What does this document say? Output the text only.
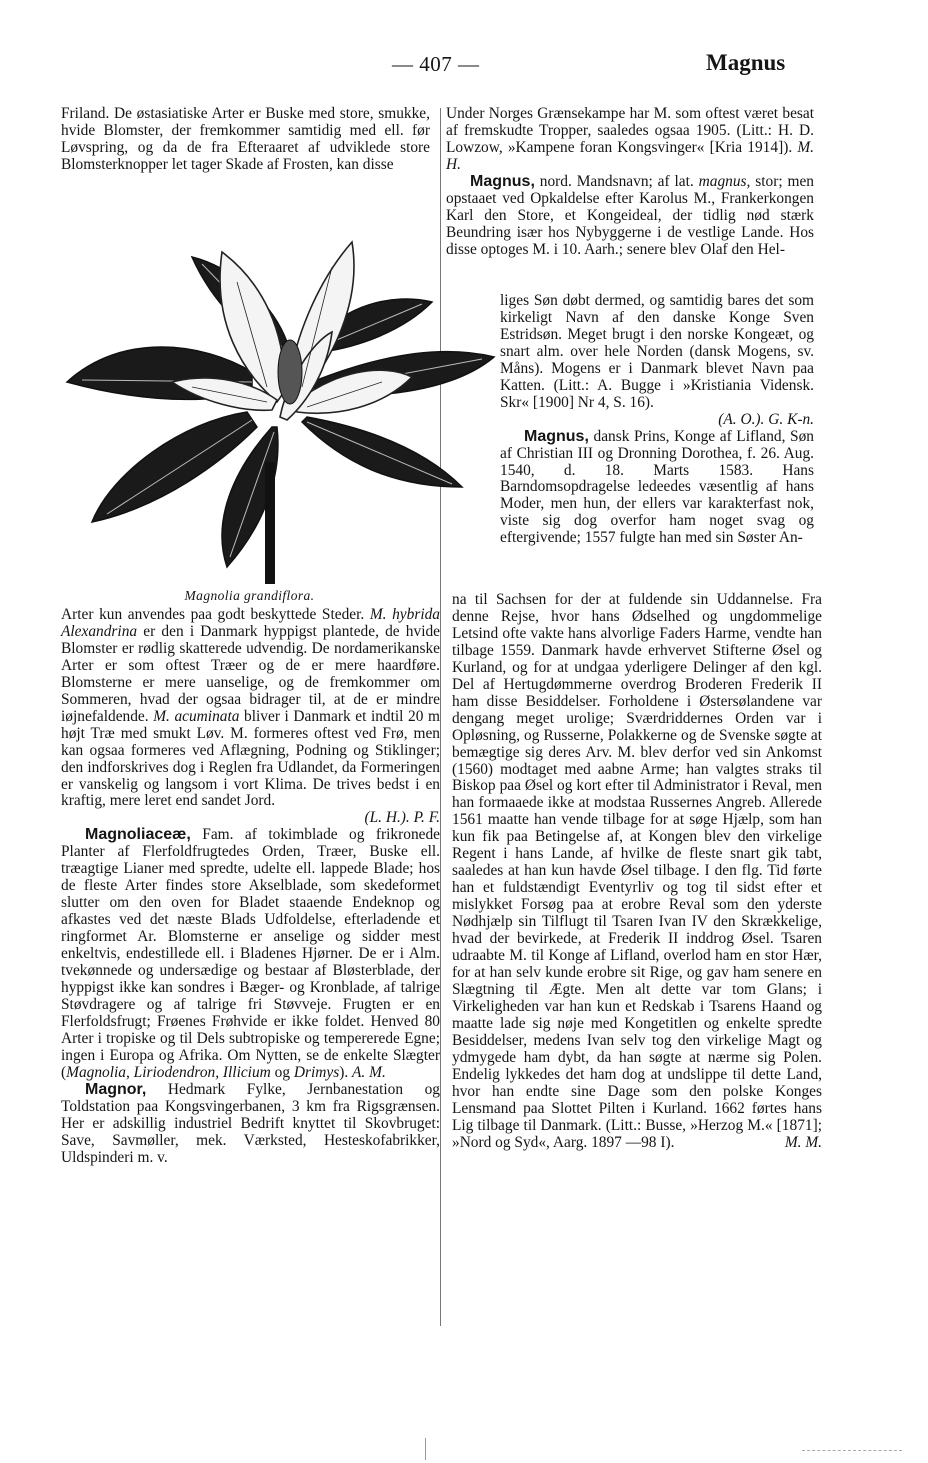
— 407 —	Magnus

Friland. De østasiatiske Arter er Buske med store, smukke, hvide Blomster, der fremkommer samtidig med ell. før Løvspring, og da de fra Efteraaret af udviklede store Blomsterknopper let tager Skade af Frosten, kan disse

Magnolia grandiflora.

Arter kun anvendes paa godt beskyttede Steder. M. hybrida Alexandrina er den i Danmark hyppigst plantede, de hvide Blomster er rødlig skatterede udvendig. De nordamerikanske Arter er som oftest Træer og de er mere haardføre. Blomsterne er mere uanselige, og de fremkommer om Sommeren, hvad der ogsaa bidrager til, at de er mindre iøjnefaldende. M. acuminata bliver i Danmark et indtil 20 m højt Træ med smukt Løv. M. formeres oftest ved Frø, men kan ogsaa formeres ved Aflægning, Podning og Stiklinger; den indforskrives dog i Reglen fra Udlandet, da Formeringen er vanskelig og langsom i vort Klima. De trives bedst i en kraftig, mere leret end sandet Jord.

(L. H.). P. F.

Magnoliaceæ, Fam. af tokimblade og frikronede Planter af Flerfoldfrugtedes Orden, Træer, Buske ell. træagtige Lianer med spredte, udelte ell. lappede Blade; hos de fleste Arter findes store Akselblade, som skedeformet slutter om den oven for Bladet staaende Endeknop og afkastes ved det næste Blads Udfoldelse, efterladende et ringformet Ar. Blomsterne er anselige og sidder mest enkeltvis, endestillede ell. i Bladenes Hjørner. De er i Alm. tvekønnede og undersædige og bestaar af Bløsterblade, der hyppigst ikke kan sondres i Bæger- og Kronblade, af talrige Støvdragere og af talrige fri Støvveje. Frugten er en Flerfoldsfrugt; Frøenes Frøhvide er ikke foldet. Henved 80 Arter i tropiske og til Dels subtropiske og tempererede Egne; ingen i Europa og Afrika. Om Nytten, se de enkelte Slægter (Magnolia, Liriodendron, Illicium og Drimys). A. M.

Magnor, Hedmark Fylke, Jernbanestation og Toldstation paa Kongsvingerbanen, 3 km fra Rigsgrænsen. Her er adskillig industriel Bedrift knyttet til Skovbruget: Save, Savmøller, mek. Værksted, Hesteskofabrikker, Uldspinderi m. v.

Under Norges Grænsekampe har M. som oftest været besat af fremskudte Tropper, saaledes ogsaa 1905. (Litt.: H. D. Lowzow, »Kampene foran Kongsvinger« [Kria 1914]). M. H.

Magnus, nord. Mandsnavn; af lat. magnus, stor; men opstaaet ved Opkaldelse efter Karolus M., Frankerkongen Karl den Store, et Kongeideal, der tidlig nød stærk Beundring især hos Nybyggerne i de vestlige Lande. Hos disse optoges M. i 10. Aarh.; senere blev Olaf den Hel-

liges Søn døbt dermed, og samtidig bares det som kirkeligt Navn af den danske Konge Sven Estridsøn. Meget brugt i den norske Kongeæt, og snart alm. over hele Norden (dansk Mogens, sv. Måns). Mogens er i Danmark blevet Navn paa Katten. (Litt.: A. Bugge i »Kristiania Vidensk. Skr« [1900] Nr 4, S. 16).

(A. O.). G. K-n.

Magnus, dansk Prins, Konge af Lifland, Søn af Christian III og Dronning Dorothea, f. 26. Aug. 1540, d. 18. Marts 1583. Hans Barndomsopdragelse ledeedes væsentlig af hans Moder, men hun, der ellers var karakterfast nok, viste sig dog overfor ham noget svag og eftergivende; 1557 fulgte han med sin Søster An-

na til Sachsen for der at fuldende sin Uddannelse. Fra denne Rejse, hvor hans Ødselhed og ungdommelige Letsind ofte vakte hans alvorlige Faders Harme, vendte han tilbage 1559. Danmark havde erhvervet Stifterne Øsel og Kurland, og for at undgaa yderligere Delinger af den kgl. Del af Hertugdømmerne overdrog Broderen Frederik II ham disse Besiddelser. Forholdene i Østersølandene var dengang meget urolige; Sværdriddernes Orden var i Opløsning, og Russerne, Polakkerne og de Svenske søgte at bemægtige sig deres Arv. M. blev derfor ved sin Ankomst (1560) modtaget med aabne Arme; han valgtes straks til Biskop paa Øsel og kort efter til Administrator i Reval, men han formaaede ikke at modstaa Russernes Angreb. Allerede 1561 maatte han vende tilbage for at søge Hjælp, som han kun fik paa Betingelse af, at Kongen blev den virkelige Regent i hans Lande, af hvilke de fleste snart gik tabt, saaledes at han kun havde Øsel tilbage. I den flg. Tid førte han et fuldstændigt Eventyrliv og tog til sidst efter et mislykket Forsøg paa at erobre Reval som den yderste Nødhjælp sin Tilflugt til Tsaren Ivan IV den Skrækkelige, hvad der bevirkede, at Frederik II inddrog Øsel. Tsaren udraabte M. til Konge af Lifland, overlod ham en stor Hær, for at han selv kunde erobre sit Rige, og gav ham senere en Slægtning til Ægte. Men alt dette var tom Glans; i Virkeligheden var han kun et Redskab i Tsarens Haand og maatte lade sig nøje med Kongetitlen og enkelte spredte Besiddelser, medens Ivan selv tog den virkelige Magt og ydmygede ham dybt, da han søgte at nærme sig Polen. Endelig lykkedes det ham dog at undslippe til dette Land, hvor han endte sine Dage som den polske Konges Lensmand paa Slottet Pilten i Kurland. 1662 førtes hans Lig tilbage til Danmark. (Litt.: Busse, »Herzog M.« [1871]; »Nord og Syd«, Aarg. 1897 —98 I).	M. M.
